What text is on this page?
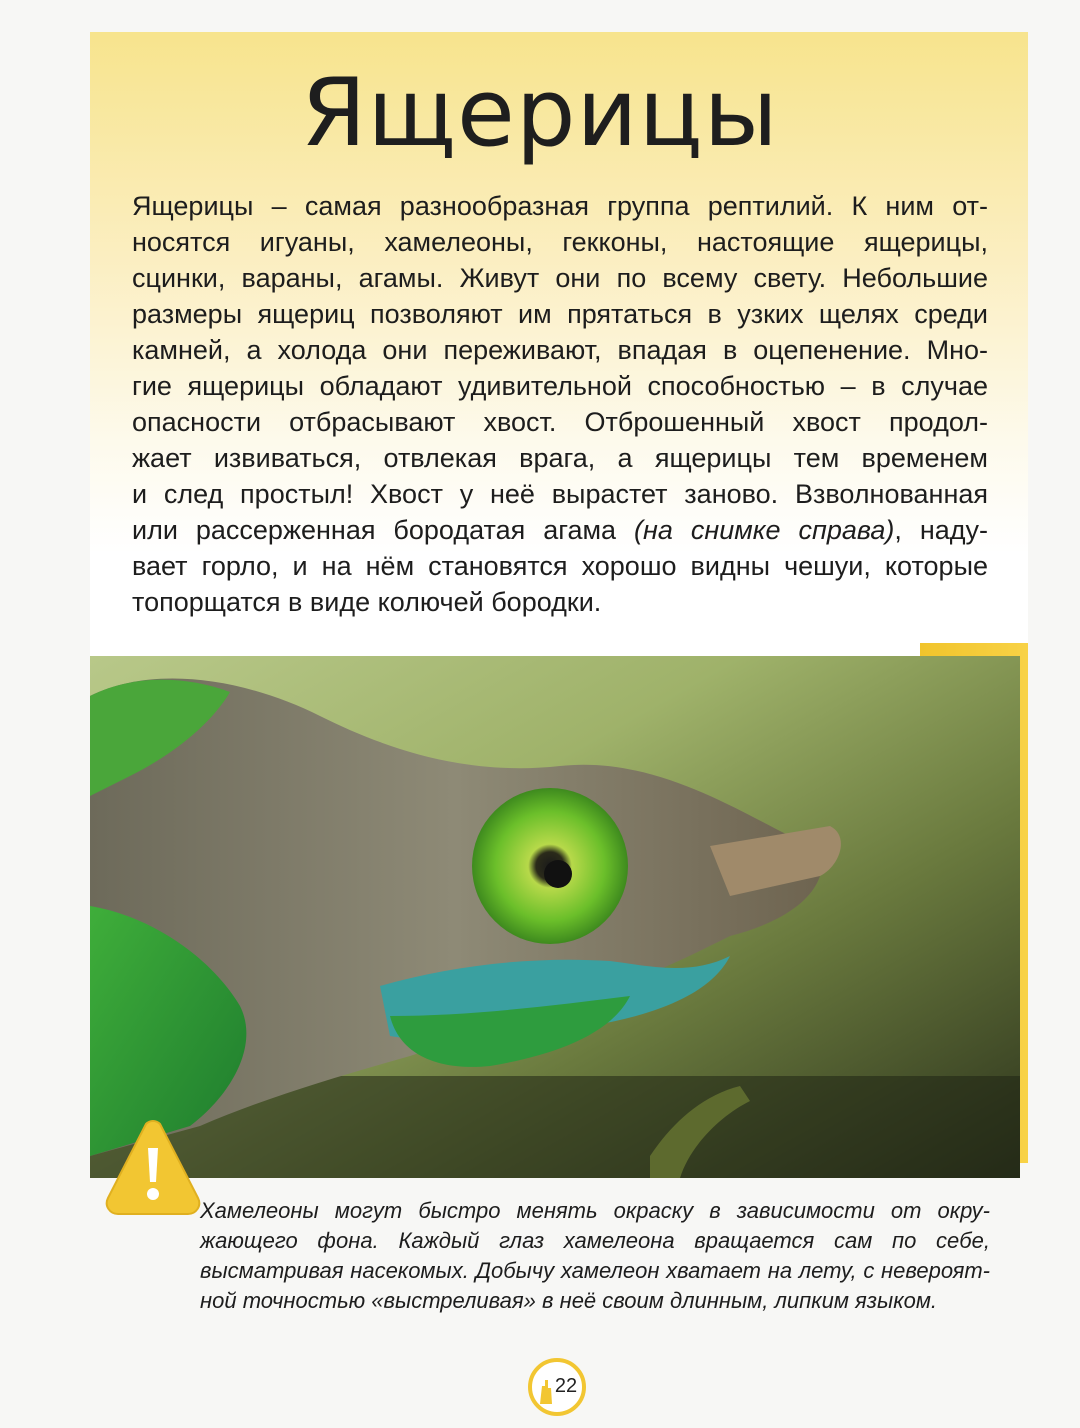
Ящерицы
Ящерицы – самая разнообразная группа рептилий. К ним от-
носятся игуаны, хамелеоны, гекконы, настоящие ящерицы,
сцинки, вараны, агамы. Живут они по всему свету. Небольшие
размеры ящериц позволяют им прятаться в узких щелях среди
камней, а холода они переживают, впадая в оцепенение. Мно-
гие ящерицы обладают удивительной способностью – в случае
опасности отбрасывают хвост. Отброшенный хвост продол-
жает извиваться, отвлекая врага, а ящерицы тем временем
и след простыл! Хвост у неё вырастет заново. Взволнованная
или рассерженная бородатая агама (на снимке справа), наду-
вает горло, и на нём становятся хорошо видны чешуи, которые
топорщатся в виде колючей бородки.
Хамелеоны могут быстро менять окраску в зависимости от окру-
жающего фона. Каждый глаз хамелеона вращается сам по себе,
высматривая насекомых. Добычу хамелеон хватает на лету, с невероят-
ной точностью «выстреливая» в неё своим длинным, липким языком.
22
